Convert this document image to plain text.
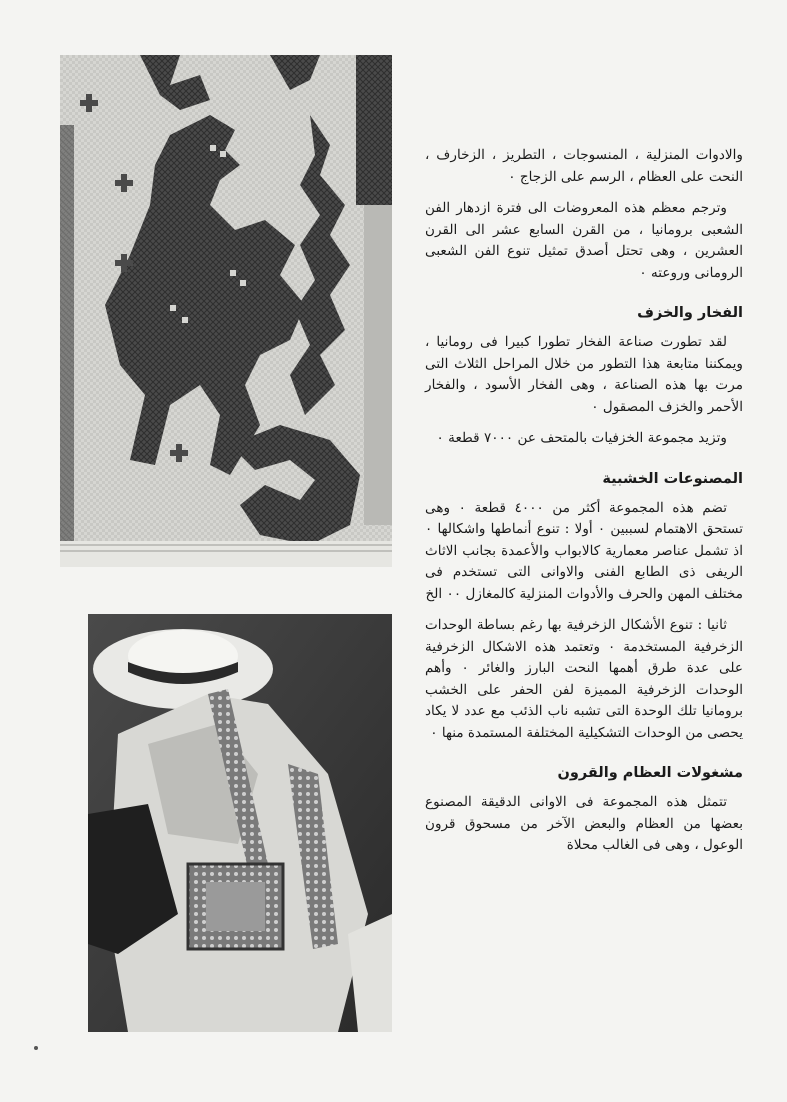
والادوات المنزلية ، المنسوجات ، التطريز ، الزخارف ، النحت على العظام ، الرسم على الزجاج ٠

وترجم معظم هذه المعروضات الى فترة ازدهار الفن الشعبى برومانيا ، من القرن السابع عشر الى القرن العشرين ، وهى تحتل أصدق تمثيل تنوع الفن الشعبى الرومانى وروعته ٠

الفخار والخزف

لقد تطورت صناعة الفخار تطورا كبيرا فى رومانيا ، ويمكننا متابعة هذا التطور من خلال المراحل الثلاث التى مرت بها هذه الصناعة ، وهى الفخار الأسود ، والفخار الأحمر والخزف المصقول ٠

وتزيد مجموعة الخزفيات بالمتحف عن ٧٠٠٠ قطعة ٠

المصنوعات الخشبية

تضم هذه المجموعة أكثر من ٤٠٠٠ قطعة ٠ وهى تستحق الاهتمام لسببين ٠ أولا : تنوع أنماطها واشكالها ٠ اذ تشمل عناصر معمارية كالابواب والأعمدة بجانب الاثاث الريفى ذى الطابع الفنى والاوانى التى تستخدم فى مختلف المهن والحرف والأدوات المنزلية كالمغازل ٠٠ الخ

ثانيا : تنوع الأشكال الزخرفية بها رغم بساطة الوحدات الزخرفية المستخدمة ٠ وتعتمد هذه الاشكال الزخرفية على عدة طرق أهمها النحت البارز والغائر ٠ وأهم الوحدات الزخرفية المميزة لفن الحفر على الخشب برومانيا تلك الوحدة التى تشبه ناب الذئب مع عدد لا يكاد يحصى من الوحدات التشكيلية المختلفة المستمدة منها ٠

مشغولات العظام والقرون

تتمثل هذه المجموعة فى الاوانى الدقيقة المصنوع بعضها من العظام والبعض الآخر من مسحوق قرون الوعول ، وهى فى الغالب محلاة
